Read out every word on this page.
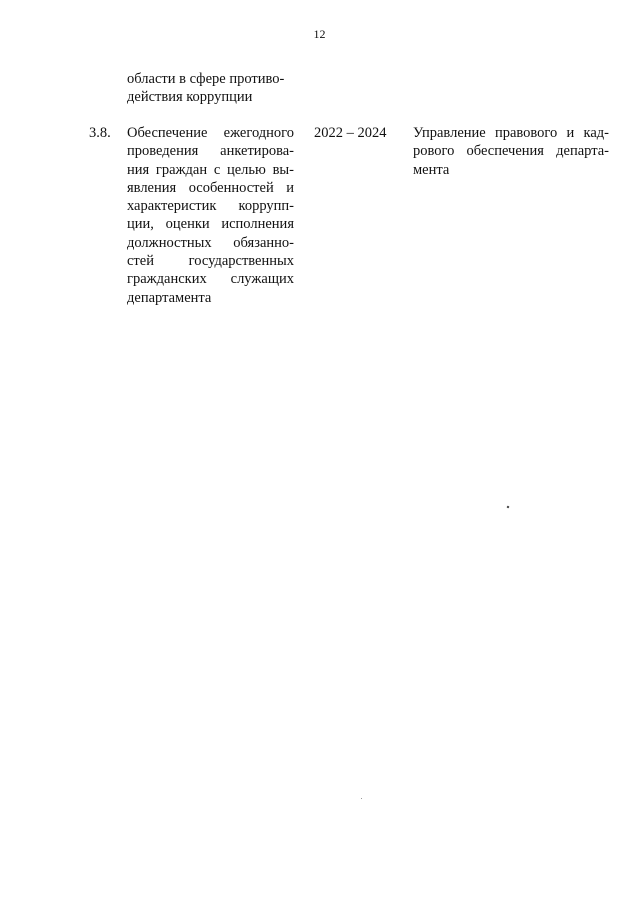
12
области в сфере противо-
действия коррупции
3.8. Обеспечение ежегодного
проведения анкетирова-
ния граждан с целью вы-
явления особенностей и
характеристик коррупп-
ции, оценки исполнения
должностных обязанно-
стей государственных
гражданских служащих
департамента
2022 – 2024 Управление правового и кад-
рового обеспечения департа-
мента
